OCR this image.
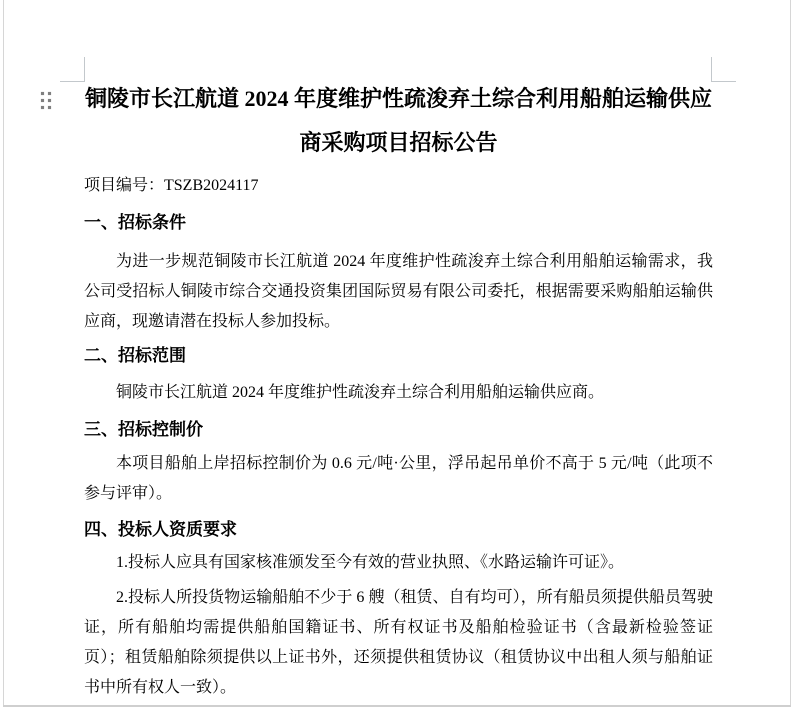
铜陵市长江航道 2024 年度维护性疏浚弃土综合利用船舶运输供应
商采购项目招标公告
项目编号：TSZB2024117
一、招标条件
为进一步规范铜陵市长江航道 2024 年度维护性疏浚弃土综合利用船舶运输需求，我公司受招标人铜陵市综合交通投资集团国际贸易有限公司委托，根据需要采购船舶运输供应商，现邀请潜在投标人参加投标。
二、招标范围
铜陵市长江航道 2024 年度维护性疏浚弃土综合利用船舶运输供应商。
三、招标控制价
本项目船舶上岸招标控制价为 0.6 元/吨·公里，浮吊起吊单价不高于 5 元/吨（此项不参与评审）。
四、投标人资质要求
1.投标人应具有国家核准颁发至今有效的营业执照、《水路运输许可证》。
2.投标人所投货物运输船舶不少于 6 艘（租赁、自有均可），所有船员须提供船员驾驶证，所有船舶均需提供船舶国籍证书、所有权证书及船舶检验证书（含最新检验签证页）；租赁船舶除须提供以上证书外，还须提供租赁协议（租赁协议中出租人须与船舶证书中所有权人一致）。
